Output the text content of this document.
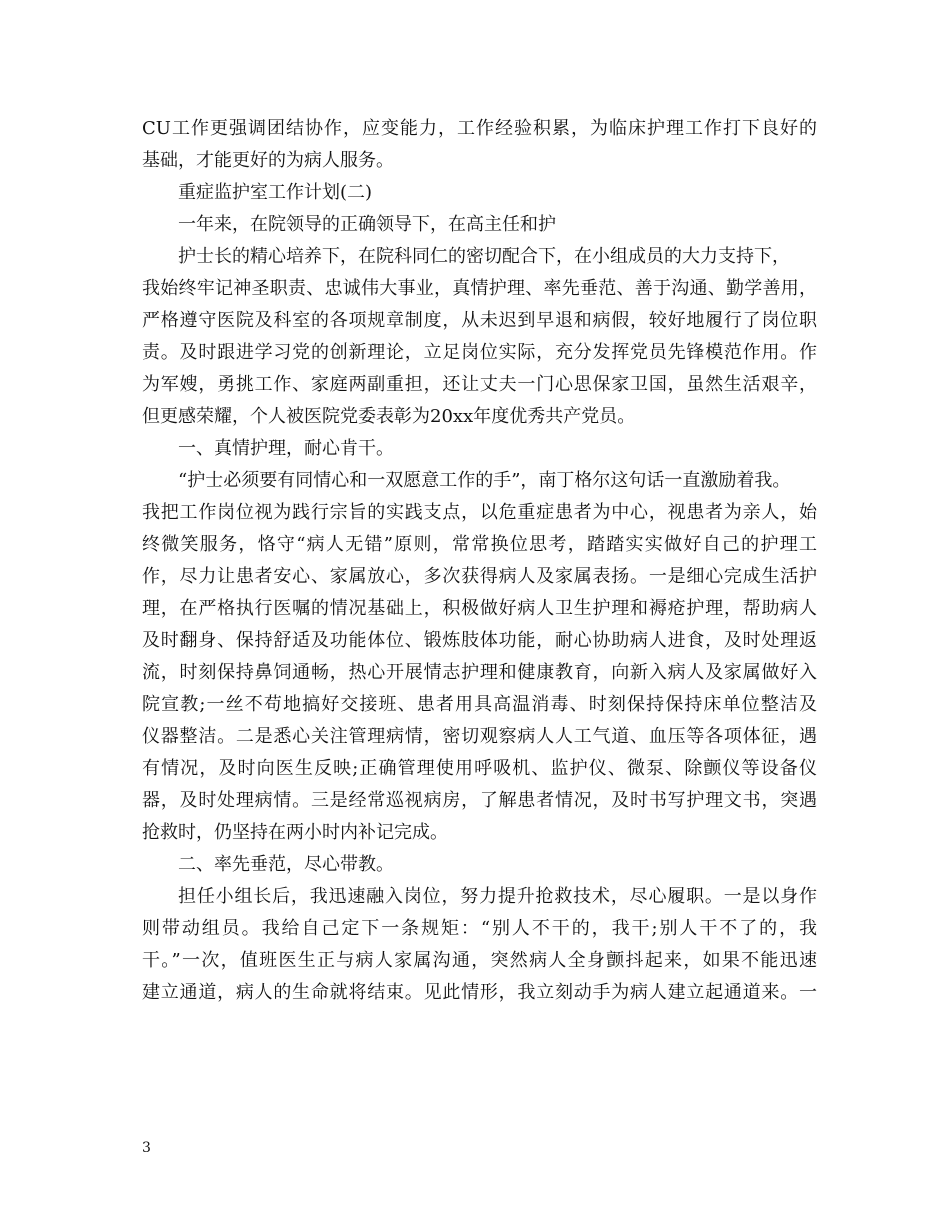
CU工作更强调团结协作，应变能力，工作经验积累，为临床护理工作打下良好的
基础，才能更好的为病人服务。
重症监护室工作计划(二)
一年来，在院领导的正确领导下，在高主任和护
护士长的精心培养下，在院科同仁的密切配合下，在小组成员的大力支持下，
我始终牢记神圣职责、忠诚伟大事业，真情护理、率先垂范、善于沟通、勤学善用，
严格遵守医院及科室的各项规章制度，从未迟到早退和病假，较好地履行了岗位职
责。及时跟进学习党的创新理论，立足岗位实际，充分发挥党员先锋模范作用。作
为军嫂，勇挑工作、家庭两副重担，还让丈夫一门心思保家卫国，虽然生活艰辛，
但更感荣耀，个人被医院党委表彰为20xx年度优秀共产党员。
一、真情护理，耐心肯干。
“护士必须要有同情心和一双愿意工作的手”，南丁格尔这句话一直激励着我。
我把工作岗位视为践行宗旨的实践支点，以危重症患者为中心，视患者为亲人，始
终微笑服务，恪守“病人无错”原则，常常换位思考，踏踏实实做好自己的护理工
作，尽力让患者安心、家属放心，多次获得病人及家属表扬。一是细心完成生活护
理，在严格执行医嘱的情况基础上，积极做好病人卫生护理和褥疮护理，帮助病人
及时翻身、保持舒适及功能体位、锻炼肢体功能，耐心协助病人进食，及时处理返
流，时刻保持鼻饲通畅，热心开展情志护理和健康教育，向新入病人及家属做好入
院宣教;一丝不苟地搞好交接班、患者用具高温消毒、时刻保持保持床单位整洁及
仪器整洁。二是悉心关注管理病情，密切观察病人人工气道、血压等各项体征，遇
有情况，及时向医生反映;正确管理使用呼吸机、监护仪、微泵、除颤仪等设备仪
器，及时处理病情。三是经常巡视病房，了解患者情况，及时书写护理文书，突遇
抢救时，仍坚持在两小时内补记完成。
二、率先垂范，尽心带教。
担任小组长后，我迅速融入岗位，努力提升抢救技术，尽心履职。一是以身作
则带动组员。我给自己定下一条规矩：“别人不干的，我干;别人干不了的，我
干。”一次，值班医生正与病人家属沟通，突然病人全身颤抖起来，如果不能迅速
建立通道，病人的生命就将结束。见此情形，我立刻动手为病人建立起通道来。一
3
